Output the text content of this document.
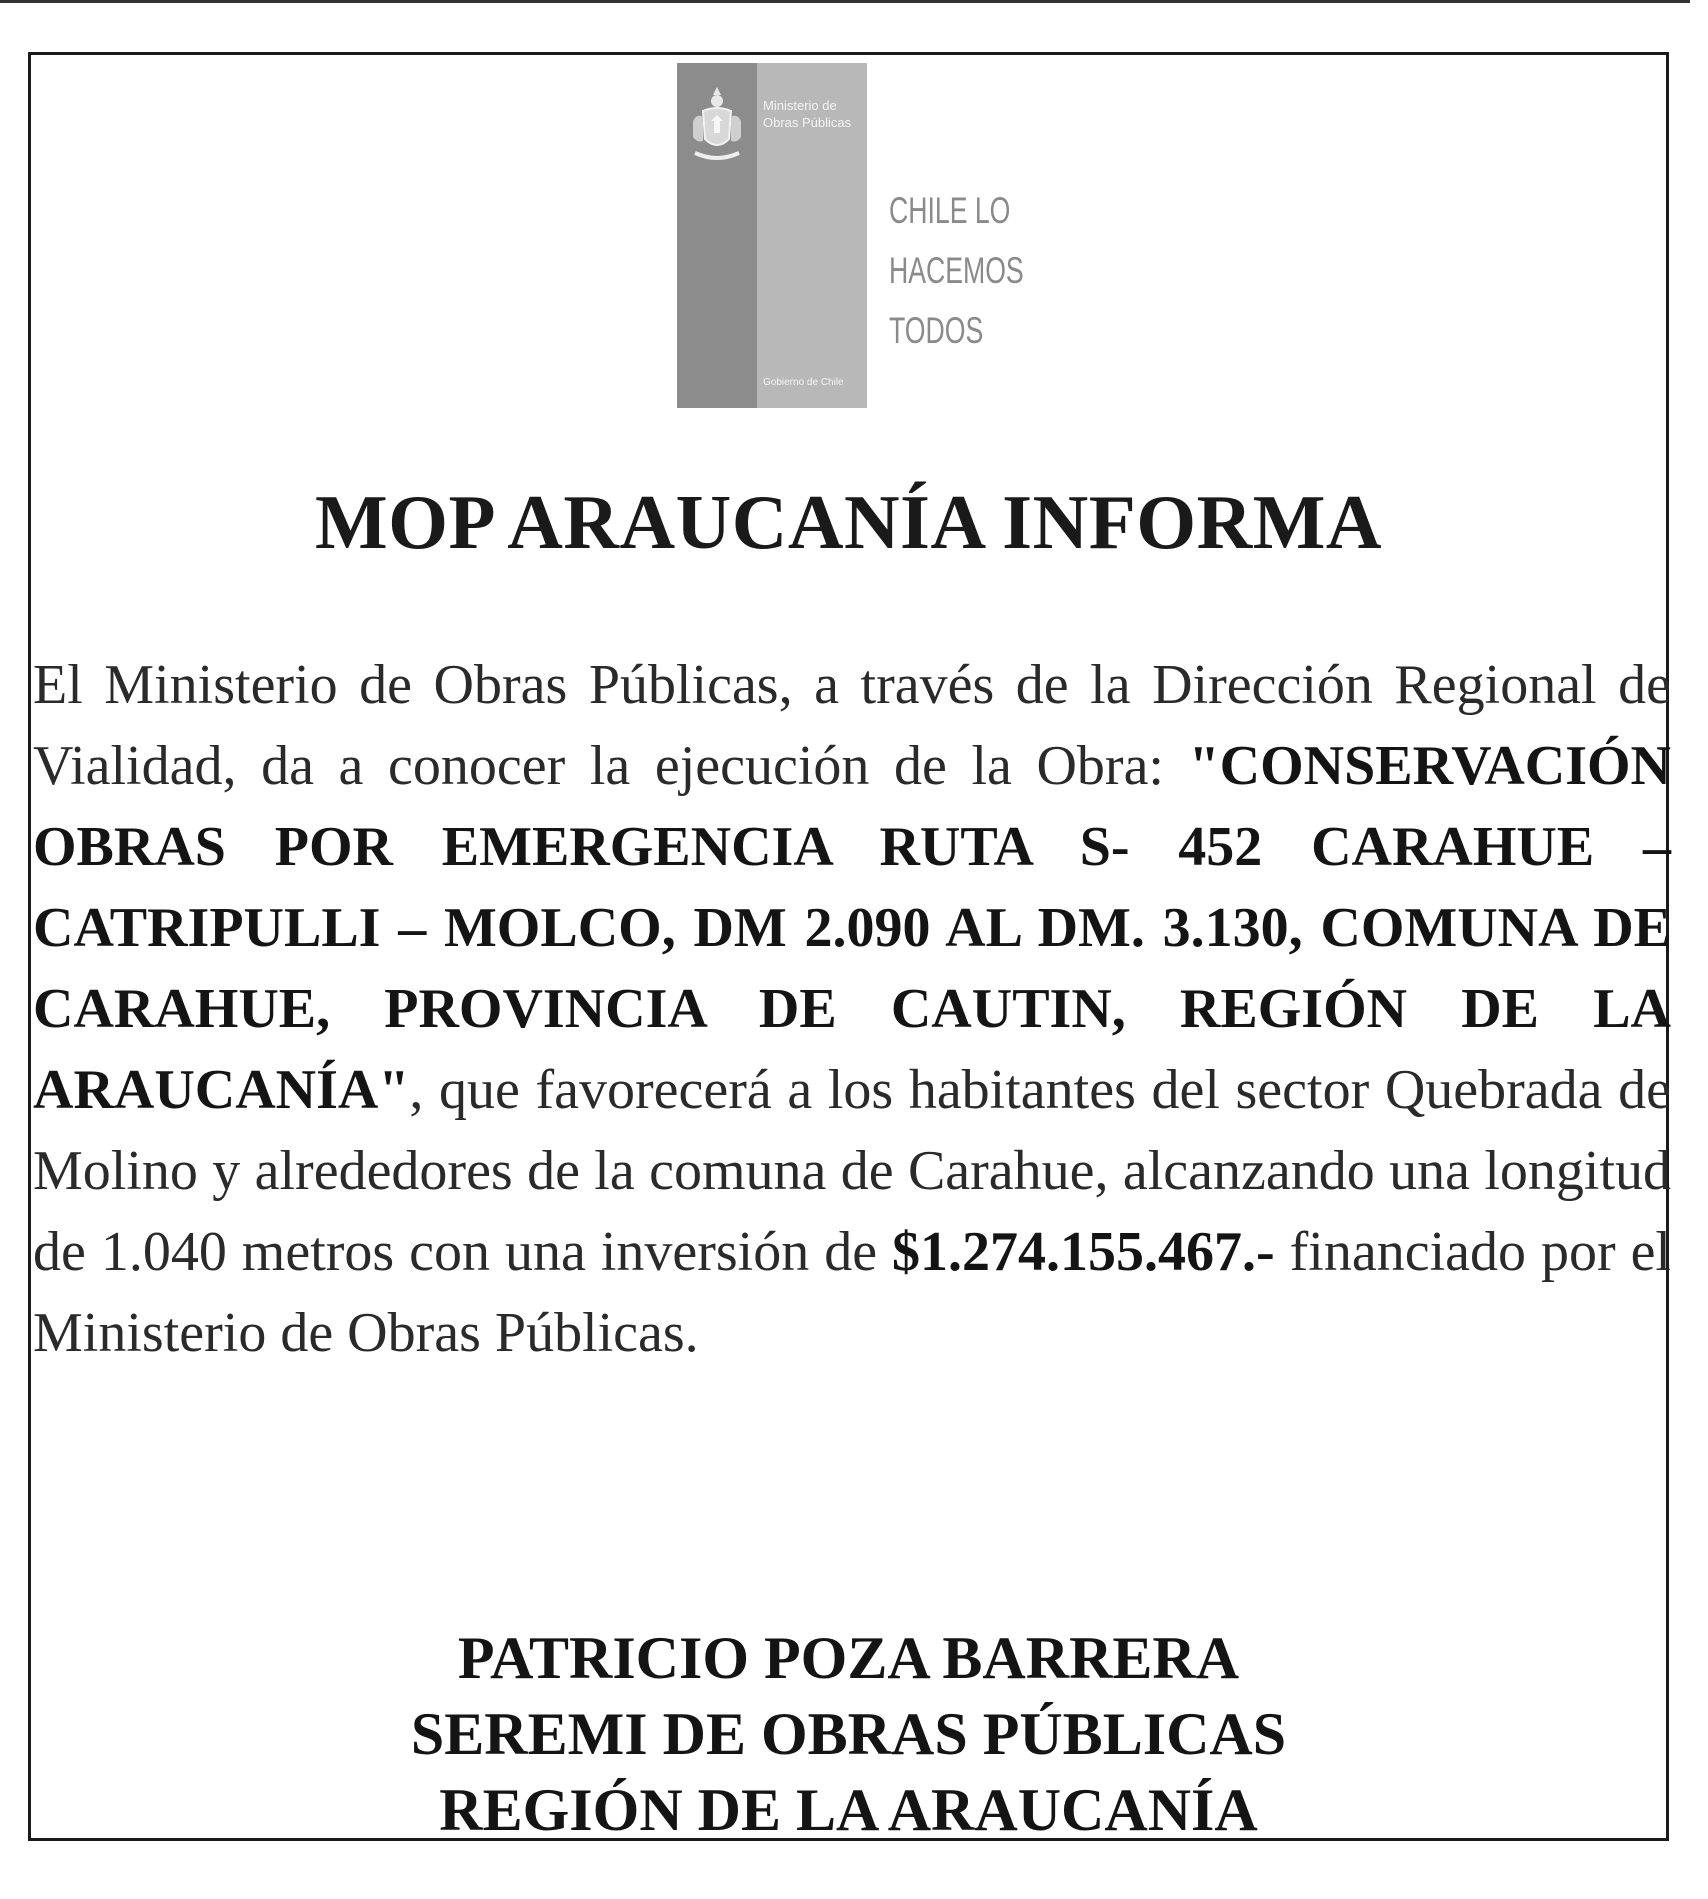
Ministerio de Obras Públicas
Gobierno de Chile
CHILE LO HACEMOS TODOS
MOP ARAUCANÍA INFORMA
El Ministerio de Obras Públicas, a través de la Dirección Regional de Vialidad, da a conocer la ejecución de la Obra: "CONSERVACIÓN OBRAS POR EMERGENCIA RUTA S- 452 CARAHUE – CATRIPULLI – MOLCO, DM 2.090 AL DM. 3.130, COMUNA DE CARAHUE, PROVINCIA DE CAUTIN, REGIÓN DE LA ARAUCANÍA", que favorecerá a los habitantes del sector Quebrada de Molino y alrededores de la comuna de Carahue, alcanzando una longitud de 1.040 metros con una inversión de $1.274.155.467.- financiado por el Ministerio de Obras Públicas.
PATRICIO POZA BARRERA
SEREMI DE OBRAS PÚBLICAS
REGIÓN DE LA ARAUCANÍA
